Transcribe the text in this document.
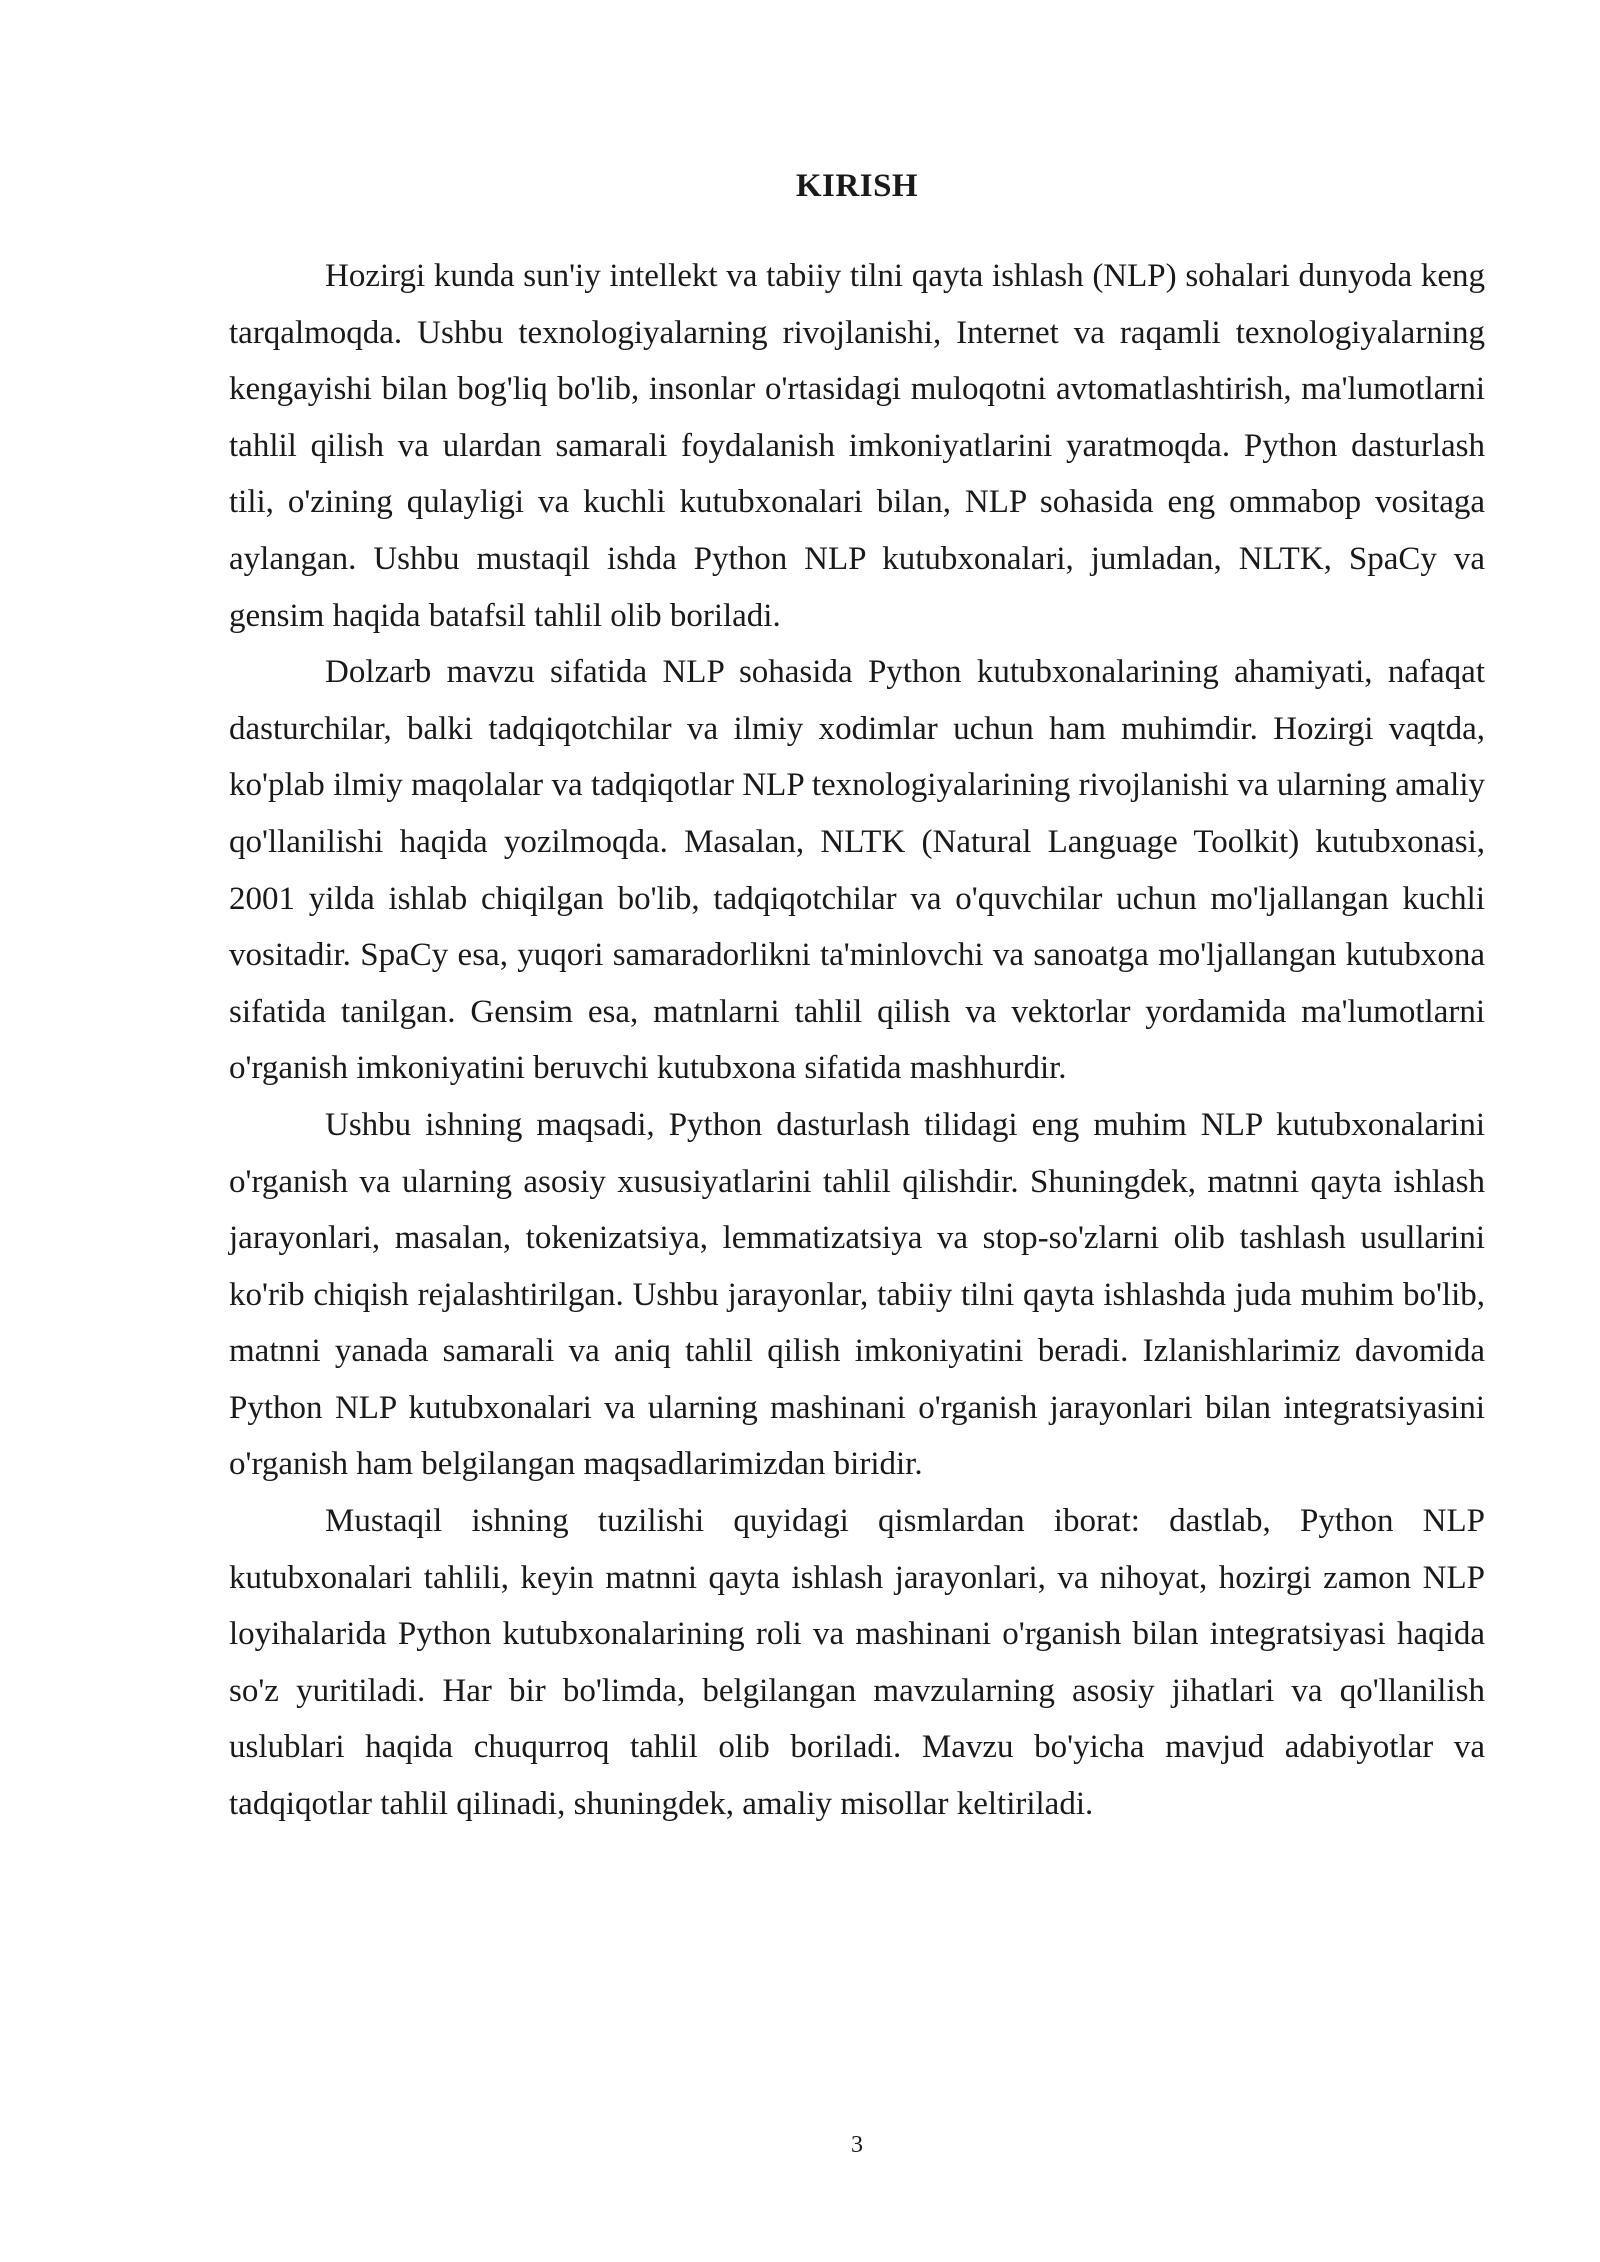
KIRISH

Hozirgi kunda sun'iy intellekt va tabiiy tilni qayta ishlash (NLP) sohalari dunyoda keng tarqalmoqda. Ushbu texnologiyalarning rivojlanishi, Internet va raqamli texnologiyalarning kengayishi bilan bog'liq bo'lib, insonlar o'rtasidagi muloqotni avtomatlashtirish, ma'lumotlarni tahlil qilish va ulardan samarali foydalanish imkoniyatlarini yaratmoqda. Python dasturlash tili, o'zining qulayligi va kuchli kutubxonalari bilan, NLP sohasida eng ommabop vositaga aylangan. Ushbu mustaqil ishda Python NLP kutubxonalari, jumladan, NLTK, SpaCy va gensim haqida batafsil tahlil olib boriladi.

Dolzarb mavzu sifatida NLP sohasida Python kutubxonalarining ahamiyati, nafaqat dasturchilar, balki tadqiqotchilar va ilmiy xodimlar uchun ham muhimdir. Hozirgi vaqtda, ko'plab ilmiy maqolalar va tadqiqotlar NLP texnologiyalarining rivojlanishi va ularning amaliy qo'llanilishi haqida yozilmoqda. Masalan, NLTK (Natural Language Toolkit) kutubxonasi, 2001 yilda ishlab chiqilgan bo'lib, tadqiqotchilar va o'quvchilar uchun mo'ljallangan kuchli vositadir. SpaCy esa, yuqori samaradorlikni ta'minlovchi va sanoatga mo'ljallangan kutubxona sifatida tanilgan. Gensim esa, matnlarni tahlil qilish va vektorlar yordamida ma'lumotlarni o'rganish imkoniyatini beruvchi kutubxona sifatida mashhurdir.

Ushbu ishning maqsadi, Python dasturlash tilidagi eng muhim NLP kutubxonalarini o'rganish va ularning asosiy xususiyatlarini tahlil qilishdir. Shuningdek, matnni qayta ishlash jarayonlari, masalan, tokenizatsiya, lemmatizatsiya va stop-so'zlarni olib tashlash usullarini ko'rib chiqish rejalashtirilgan. Ushbu jarayonlar, tabiiy tilni qayta ishlashda juda muhim bo'lib, matnni yanada samarali va aniq tahlil qilish imkoniyatini beradi. Izlanishlarimiz davomida Python NLP kutubxonalari va ularning mashinani o'rganish jarayonlari bilan integratsiyasini o'rganish ham belgilangan maqsadlarimizdan biridir.

Mustaqil ishning tuzilishi quyidagi qismlardan iborat: dastlab, Python NLP kutubxonalari tahlili, keyin matnni qayta ishlash jarayonlari, va nihoyat, hozirgi zamon NLP loyihalarida Python kutubxonalarining roli va mashinani o'rganish bilan integratsiyasi haqida so'z yuritiladi. Har bir bo'limda, belgilangan mavzularning asosiy jihatlari va qo'llanilish uslublari haqida chuqurroq tahlil olib boriladi. Mavzu bo'yicha mavjud adabiyotlar va tadqiqotlar tahlil qilinadi, shuningdek, amaliy misollar keltiriladi.

3
